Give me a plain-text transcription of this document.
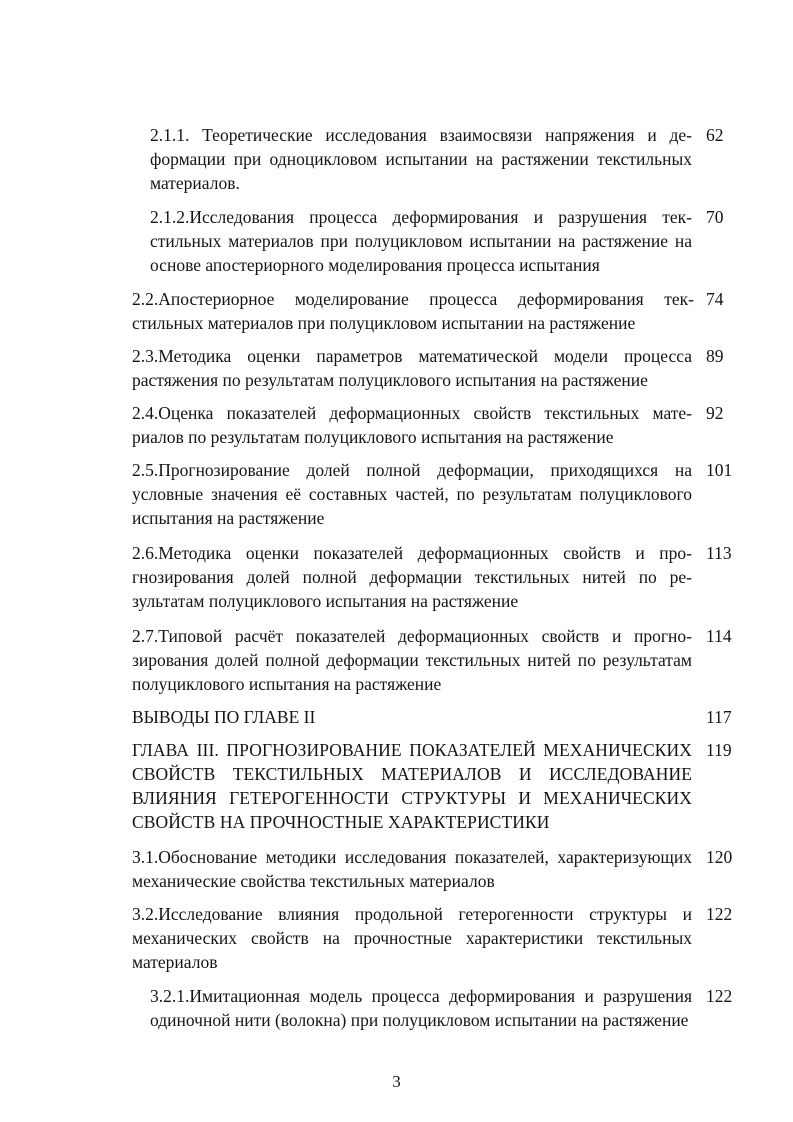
2.1.1. Теоретические исследования взаимосвязи напряжения и деформации при одноцикловом испытании на растяжении текстильных материалов.
62
2.1.2.Исследования процесса деформирования и разрушения текстильных материалов при полуцикловом испытании на растяжение на основе апостериорного моделирования процесса испытания
70
2.2.Апостериорное моделирование процесса деформирования текстильных материалов при полуцикловом испытании на растяжение
74
2.3.Методика оценки параметров математической модели процесса растяжения по результатам полуциклового испытания на растяжение
89
2.4.Оценка показателей деформационных свойств текстильных материалов по результатам полуциклового испытания на растяжение
92
2.5.Прогнозирование долей полной деформации, приходящихся на условные значения её составных частей, по результатам полуциклового испытания на растяжение
101
2.6.Методика оценки показателей деформационных свойств и прогнозирования долей полной деформации текстильных нитей по результатам полуциклового испытания на растяжение
113
2.7.Типовой расчёт показателей деформационных свойств и прогнозирования долей полной деформации текстильных нитей по результатам полуциклового испытания на растяжение
114
ВЫВОДЫ ПО ГЛАВЕ II	117
ГЛАВА III. ПРОГНОЗИРОВАНИЕ ПОКАЗАТЕЛЕЙ МЕХАНИЧЕСКИХ СВОЙСТВ ТЕКСТИЛЬНЫХ МАТЕРИАЛОВ И ИССЛЕДОВАНИЕ ВЛИЯНИЯ ГЕТЕРОГЕННОСТИ СТРУКТУРЫ И МЕХАНИЧЕСКИХ СВОЙСТВ НА ПРОЧНОСТНЫЕ ХАРАКТЕРИСТИКИ
119
3.1.Обоснование методики исследования показателей, характеризующих механические свойства текстильных материалов
120
3.2.Исследование влияния продольной гетерогенности структуры и механических свойств на прочностные характеристики текстильных материалов
122
3.2.1.Имитационная модель процесса деформирования и разрушения одиночной нити (волокна) при полуцикловом испытании на растяжение
122
3
